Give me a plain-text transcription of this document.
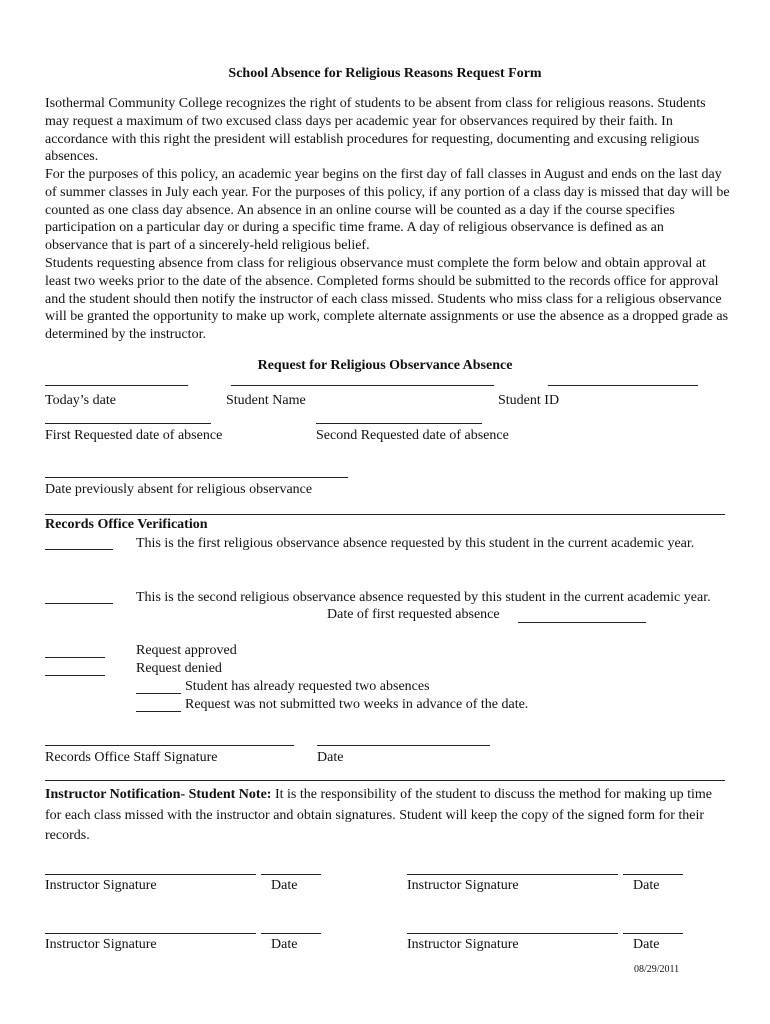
School Absence for Religious Reasons Request Form
Isothermal Community College recognizes the right of students to be absent from class for religious reasons. Students may request a maximum of two excused class days per academic year for observances required by their faith. In accordance with this right the president will establish procedures for requesting, documenting and excusing religious absences.
For the purposes of this policy, an academic year begins on the first day of fall classes in August and ends on the last day of summer classes in July each year. For the purposes of this policy, if any portion of a class day is missed that day will be counted as one class day absence. An absence in an online course will be counted as a day if the course specifies participation on a particular day or during a specific time frame. A day of religious observance is defined as an observance that is part of a sincerely-held religious belief.
Students requesting absence from class for religious observance must complete the form below and obtain approval at least two weeks prior to the date of the absence. Completed forms should be submitted to the records office for approval and the student should then notify the instructor of each class missed. Students who miss class for a religious observance will be granted the opportunity to make up work, complete alternate assignments or use the absence as a dropped grade as determined by the instructor.
Request for Religious Observance Absence
Today’s date	Student Name	Student ID
First Requested date of absence	Second Requested date of absence
Date previously absent for religious observance
Records Office Verification
This is the first religious observance absence requested by this student in the current academic year.
This is the second religious observance absence requested by this student in the current academic year.
Date of first requested absence
Request approved
Request denied
Student has already requested two absences
Request was not submitted two weeks in advance of the date.
Records Office Staff Signature	Date
Instructor Notification- Student Note: It is the responsibility of the student to discuss the method for making up time for each class missed with the instructor and obtain signatures. Student will keep the copy of the signed form for their records.
Instructor Signature	Date	Instructor Signature	Date
Instructor Signature	Date	Instructor Signature	Date
08/29/2011
